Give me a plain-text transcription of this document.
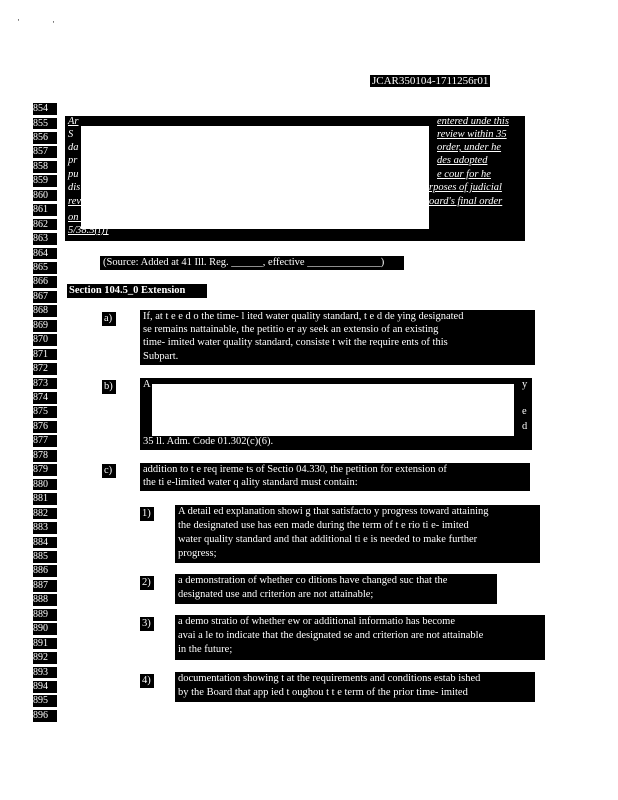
·	·
JCAR350104-1711256r01
854
855
856
857
858
859
860
861
862
863
864
865
866
867
868
869
870
871
872
873
874
875
876
877
878
879
880
881
882
883
884
885
886
887
888
889
890
891
892
893
894
895
896
Ar	entered unde this
S	review within 35
da	order, under he
pr	des adopted
pu	e cour for he
dis	rposes of judicial
revi	oard's final order
on the da e on which he order is fir s published by the Board on i s websi e [415 I CS
5/38.5(i)]
(Source: Added at 41 Ill. Reg. ______, effective ______________)
Section 104.5_0 Extension
a)	If, at t e e d o the time- l ited water quality standard, t e d de ying designated
se remains nattainable, the petitio er ay seek an extensio of an existing
time- imited water quality standard, consiste t wit the require ents of this
Subpart.
b)	A	y
e
d
35 ll. Adm. Code 01.302(c)(6).
c)	addition to t e req ireme ts of Sectio 04.330, the petition for extension of
the ti e-limited water q ality standard must contain:
1)	A detail ed explanation showi g that satisfacto y progress toward attaining
the designated use has een made during the term of t e rio ti e- imited
water quality standard and that additional ti e is needed to make further
progress;
2)	a demonstration of whether co ditions have changed suc that the
designated use and criterion are not attainable;
3)	a demo stratio of whether ew or additional informatio has become
avai a le to indicate that the designated se and criterion are not attainable
in the future;
4)	documentation showing t at the requirements and conditions estab ished
by the Board that app ied t oughou t t e term of the prior time- imited
